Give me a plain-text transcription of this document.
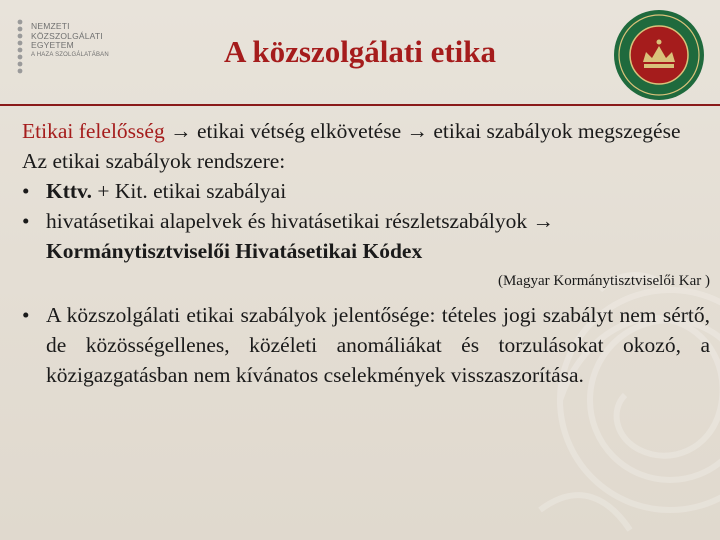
NEMZETI
KÖZSZOLGÁLATI
EGYETEM
A HAZA SZOLGÁLATÁBAN	A közszolgálati etika

Etikai felelősség → etikai vétség elkövetése → etikai szabályok megszegése

Az etikai szabályok rendszere:

• Kttv. + Kit. etikai szabályai
• hivatásetikai alapelvek és hivatásetikai részletszabályok →
Kormánytisztviselői Hivatásetikai Kódex
(Magyar Kormánytisztviselői Kar )
• A közszolgálati etikai szabályok jelentősége: tételes jogi szabályt nem sértő, de közösségellenes, közéleti anomáliákat és torzulásokat okozó, a közigazgatásban nem kívánatos cselekmények visszaszorítása.
